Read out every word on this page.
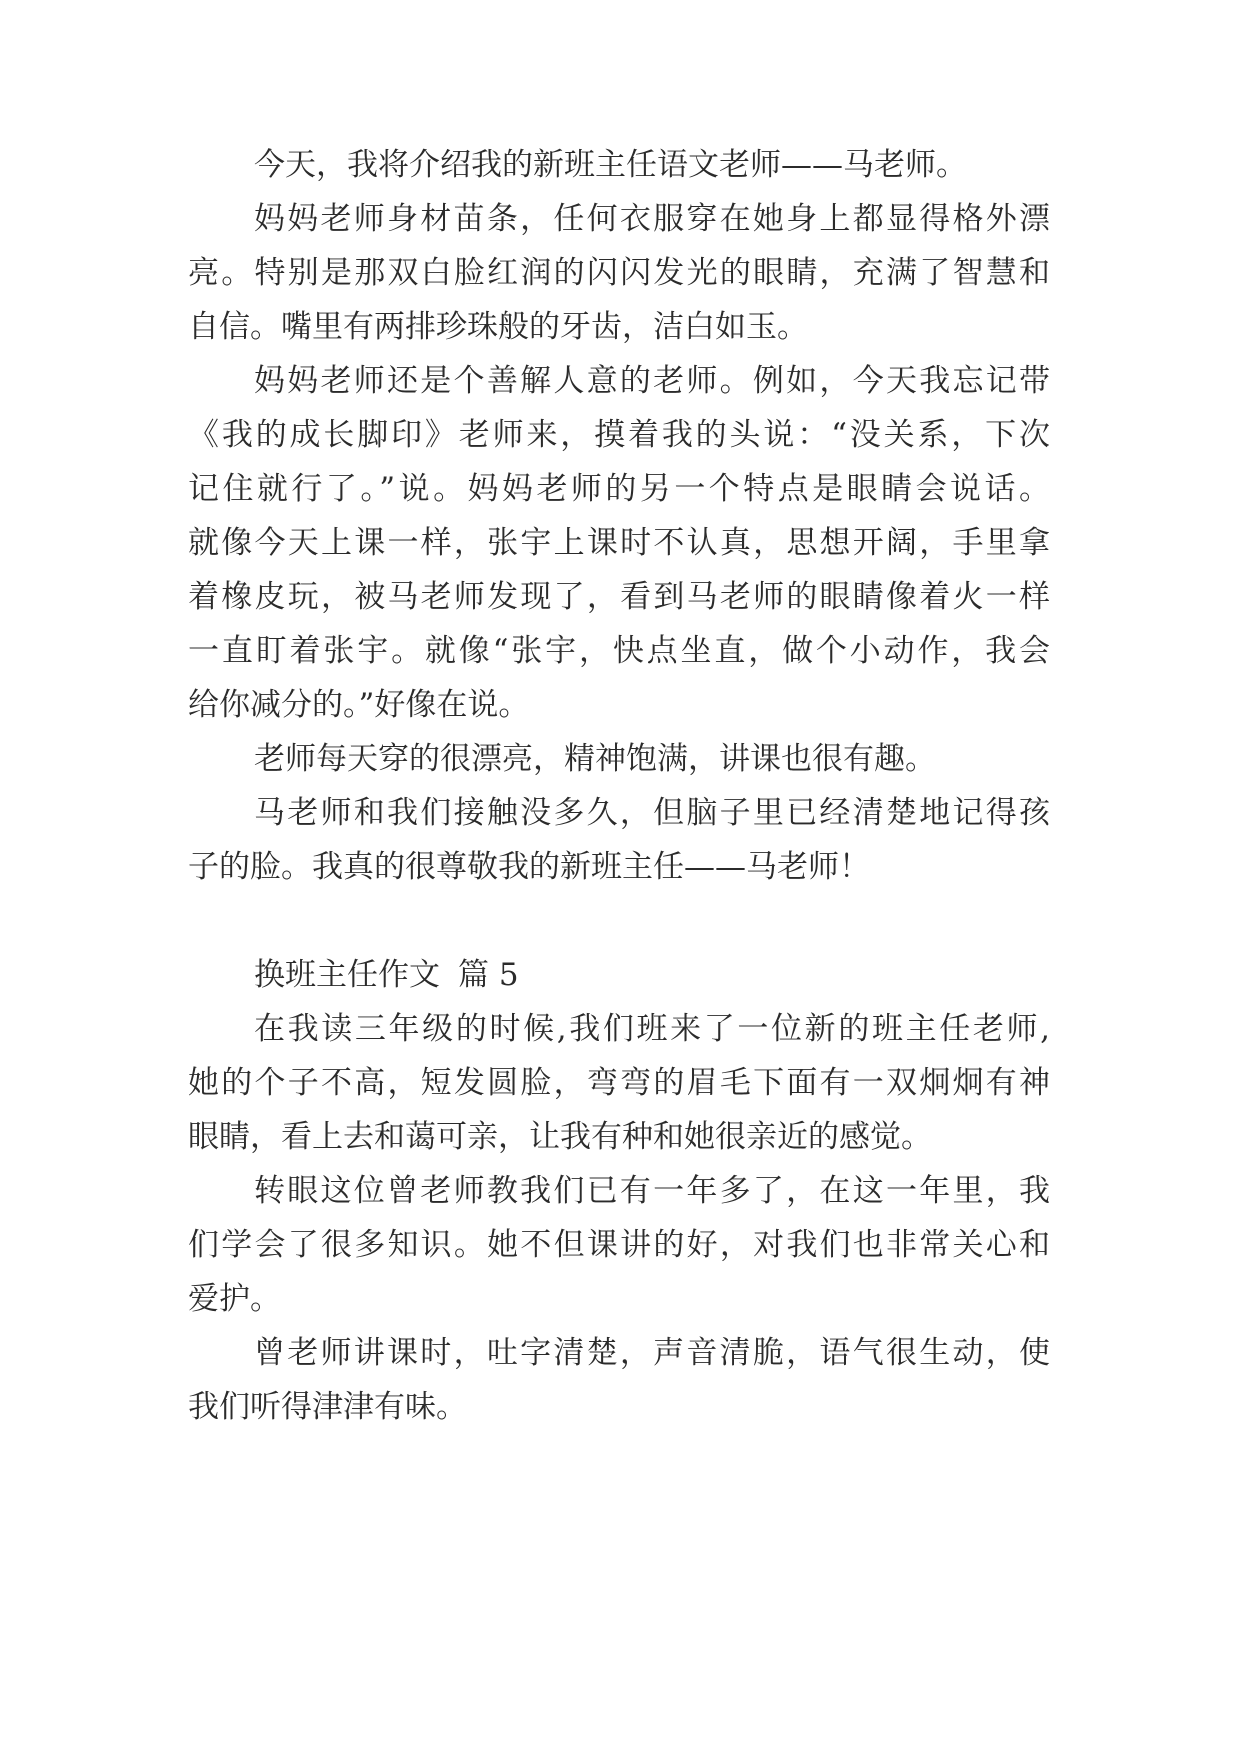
今天，我将介绍我的新班主任语文老师——马老师。
妈妈老师身材苗条，任何衣服穿在她身上都显得格外漂
亮。特别是那双白脸红润的闪闪发光的眼睛，充满了智慧和
自信。嘴里有两排珍珠般的牙齿，洁白如玉。
妈妈老师还是个善解人意的老师。例如，今天我忘记带
《我的成长脚印》老师来，摸着我的头说：“没关系，下次
记住就行了。”说。妈妈老师的另一个特点是眼睛会说话。
就像今天上课一样，张宇上课时不认真，思想开阔，手里拿
着橡皮玩，被马老师发现了，看到马老师的眼睛像着火一样
一直盯着张宇。就像“张宇，快点坐直，做个小动作，我会
给你减分的。”好像在说。
老师每天穿的很漂亮，精神饱满，讲课也很有趣。
马老师和我们接触没多久，但脑子里已经清楚地记得孩
子的脸。我真的很尊敬我的新班主任——马老师！
换班主任作文 篇 5
在我读三年级的时候,我们班来了一位新的班主任老师,
她的个子不高，短发圆脸，弯弯的眉毛下面有一双炯炯有神
眼睛，看上去和蔼可亲，让我有种和她很亲近的感觉。
转眼这位曾老师教我们已有一年多了，在这一年里，我
们学会了很多知识。她不但课讲的好，对我们也非常关心和
爱护。
曾老师讲课时，吐字清楚，声音清脆，语气很生动，使
我们听得津津有味。
